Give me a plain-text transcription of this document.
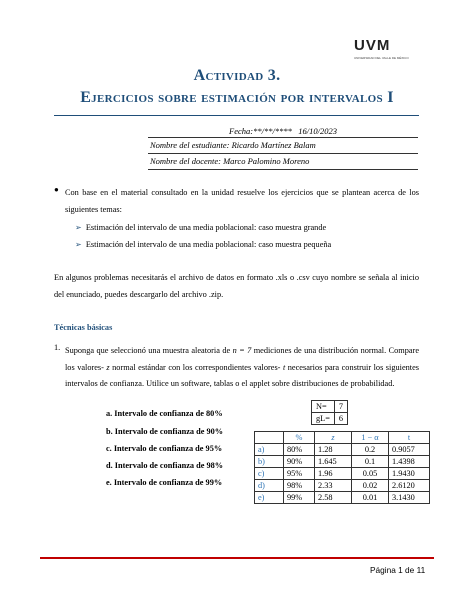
UVM
UNIVERSIDAD DEL VALLE DE MÉXICO
Actividad 3.
Ejercicios sobre estimación por intervalos I
Fecha:**/**/**** 16/10/2023
Nombre del estudiante: Ricardo Martínez Balam
Nombre del docente: Marco Palomino Moreno
● Con base en el material consultado en la unidad resuelve los ejercicios que se plantean acerca de los siguientes temas:
➢ Estimación del intervalo de una media poblacional: caso muestra grande
➢ Estimación del intervalo de una media poblacional: caso muestra pequeña
En algunos problemas necesitarás el archivo de datos en formato .xls o .csv cuyo nombre se señala al inicio del enunciado, puedes descargarlo del archivo .zip.
Técnicas básicas
1. Suponga que seleccionó una muestra aleatoria de n = 7 mediciones de una distribución normal. Compare los valores- z normal estándar con los correspondientes valores- t necesarios para construir los siguientes intervalos de confianza. Utilice un software, tablas o el applet sobre distribuciones de probabilidad.
a. Intervalo de confianza de 80%
b. Intervalo de confianza de 90%
c. Intervalo de confianza de 95%
d. Intervalo de confianza de 98%
e. Intervalo de confianza de 99%
N=	7
gL=	6
	%	z	1 − α	t
a)	80%	1.28	0.2	0.9057
b)	90%	1.645	0.1	1.4398
c)	95%	1.96	0.05	1.9430
d)	98%	2.33	0.02	2.6120
e)	99%	2.58	0.01	3.1430
Página 1 de 11
